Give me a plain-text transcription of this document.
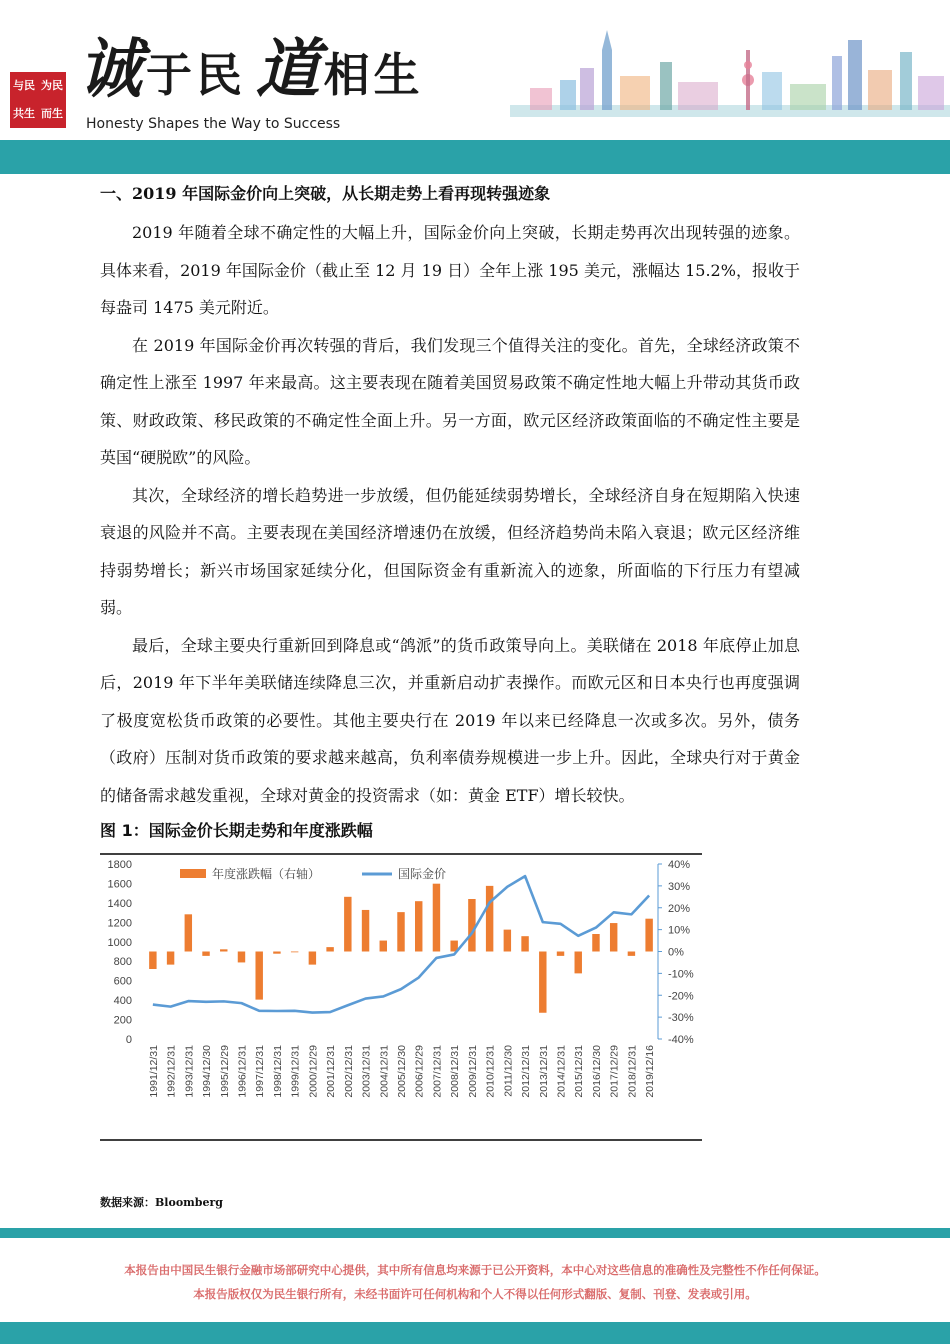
与民 为民
共生 而生
诚于民 道相生
Honesty Shapes the Way to Success
一、2019 年国际金价向上突破，从长期走势上看再现转强迹象

2019 年随着全球不确定性的大幅上升，国际金价向上突破，长期走势再次出现转强的迹象。具体来看，2019 年国际金价（截止至 12 月 19 日）全年上涨 195 美元，涨幅达 15.2%，报收于每盎司 1475 美元附近。

在 2019 年国际金价再次转强的背后，我们发现三个值得关注的变化。首先，全球经济政策不确定性上涨至 1997 年来最高。这主要表现在随着美国贸易政策不确定性地大幅上升带动其货币政策、财政政策、移民政策的不确定性全面上升。另一方面，欧元区经济政策面临的不确定性主要是英国“硬脱欧”的风险。

其次，全球经济的增长趋势进一步放缓，但仍能延续弱势增长，全球经济自身在短期陷入快速衰退的风险并不高。主要表现在美国经济增速仍在放缓，但经济趋势尚未陷入衰退；欧元区经济维持弱势增长；新兴市场国家延续分化，但国际资金有重新流入的迹象，所面临的下行压力有望减弱。

最后，全球主要央行重新回到降息或“鸽派”的货币政策导向上。美联储在 2018 年底停止加息后，2019 年下半年美联储连续降息三次，并重新启动扩表操作。而欧元区和日本央行也再度强调了极度宽松货币政策的必要性。其他主要央行在 2019 年以来已经降息一次或多次。另外，债务（政府）压制对货币政策的要求越来越高，负利率债券规模进一步上升。因此，全球央行对于黄金的储备需求越发重视，全球对黄金的投资需求（如：黄金 ETF）增长较快。

图 1：国际金价长期走势和年度涨跌幅
0
200
400
600
800
1000
1200
1400
1600
1800
-40%
-30%
-20%
-10%
0%
10%
20%
30%
40%
1991/12/31 1992/12/31 1993/12/31 1994/12/30 1995/12/29 1996/12/31 1997/12/31 1998/12/31 1999/12/31 2000/12/29 2001/12/31 2002/12/31 2003/12/31 2004/12/31 2005/12/30 2006/12/29 2007/12/31 2008/12/31 2009/12/31 2010/12/31 2011/12/30 2012/12/31 2013/12/31 2014/12/31 2015/12/31 2016/12/30 2017/12/29 2018/12/31 2019/12/16
年度涨跌幅（右轴）	国际金价
数据来源：Bloomberg
本报告由中国民生银行金融市场部研究中心提供，其中所有信息均来源于已公开资料，本中心对这些信息的准确性及完整性不作任何保证。
本报告版权仅为民生银行所有，未经书面许可任何机构和个人不得以任何形式翻版、复制、刊登、发表或引用。
